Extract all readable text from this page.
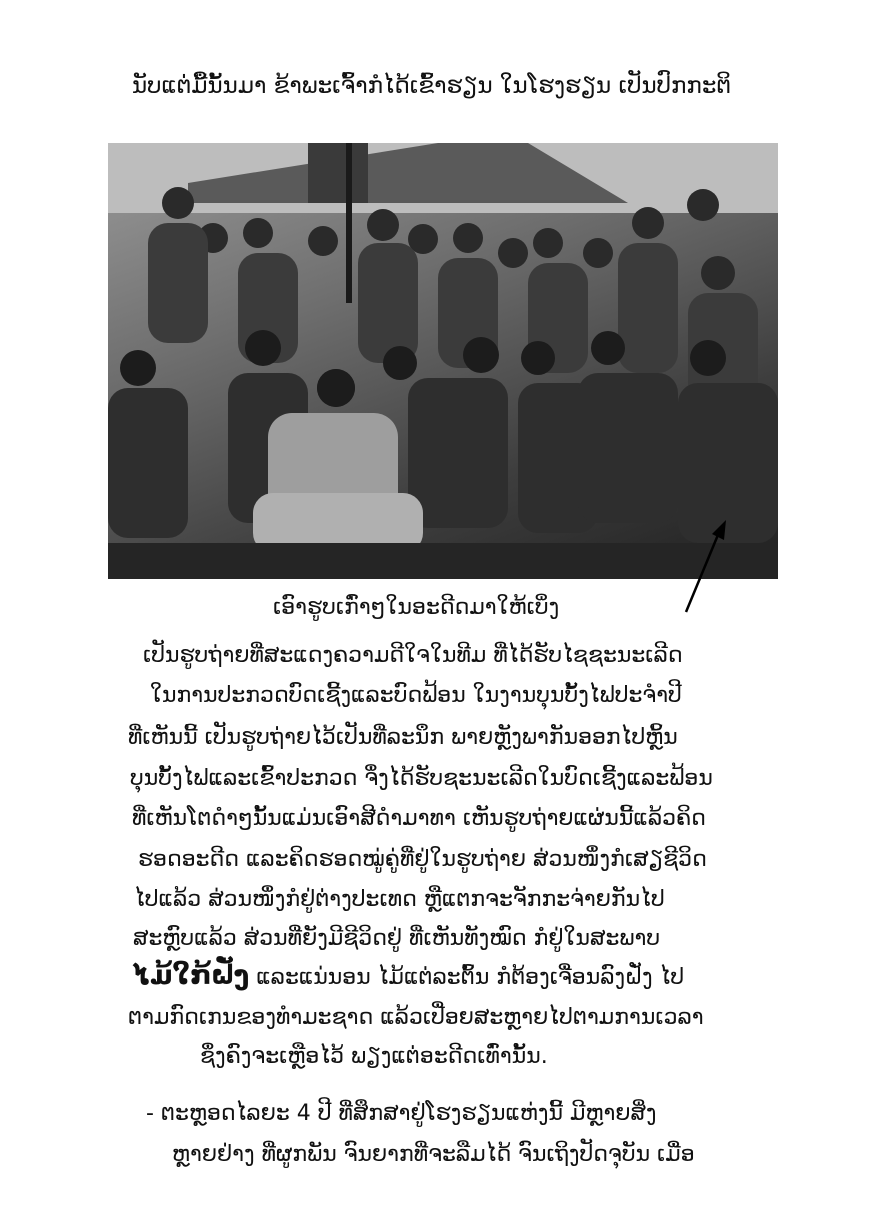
ນັບແຕ່ມື້ນັ້ນມາ ຂ້າພະເຈົ້າກໍໄດ້ເຂົ້າຮຽນ ໃນໂຮງຮຽນ ເປັນປົກກະຕິ
ເອົາຮູບເກົ່າໆໃນອະດີດມາໃຫ້ເບິ່ງ
ເປັນຮູບຖ່າຍທີ່ສະແດງຄວາມດີໃຈໃນທີມ ທີ່ໄດ້ຮັບໄຊຊະນະເລີດ
ໃນການປະກວດບົດເຊີ້ງແລະບົດຟ້ອນ ໃນງານບຸນບັ້ງໄຟປະຈຳປີ
ທີ່ເຫັນນີ້ ເປັນຮູບຖ່າຍໄວ້ເປັນທີ່ລະນຶກ ພາຍຫຼັງພາກັນອອກໄປຫຼິ້ນ
ບຸນບັ້ງໄຟແລະເຂົ້າປະກວດ ຈຶ່ງໄດ້ຮັບຊະນະເລີດໃນບົດເຊີ້ງແລະຟ້ອນ
ທີ່ເຫັນໂຕດຳໆນັ້ນແມ່ນເອົາສີດຳມາທາ ເຫັນຮູບຖ່າຍແຜ່ນນີ້ແລ້ວຄິດ
ຮອດອະດີດ ແລະຄິດຮອດໝູ່ຄູ່ທີ່ຢູ່ໃນຮູບຖ່າຍ ສ່ວນໜຶ່ງກໍເສຽຊີວິດ
ໄປແລ້ວ ສ່ວນໜຶ່ງກໍຢູ່ຕ່າງປະເທດ ຫຼືແຕກຈະຈັກກະຈ່າຍກັນໄປ
ສະຫຼົບແລ້ວ ສ່ວນທີ່ຍັງມີຊີວິດຢູ່ ທີ່ເຫັນທັງໝົດ ກໍຢູ່ໃນສະພາບ
ໄມ້ໃກ້ຝັ່ງ ແລະແນ່ນອນ ໄມ້ແຕ່ລະຕົ້ນ ກໍຕ້ອງເຈື່ອນລົງຝັ່ງ ໄປ
ຕາມກົດເກນຂອງທຳມະຊາດ ແລ້ວເປື່ອຍສະຫຼາຍໄປຕາມການເວລາ
ຊຶ່ງຄົງຈະເຫຼືອໄວ້ ພຽງແຕ່ອະດີດເທົ່ານັ້ນ.
- ຕະຫຼອດໄລຍະ 4 ປີ ທີ່ສຶກສາຢູ່ໂຮງຮຽນແຫ່ງນີ້ ມີຫຼາຍສິ່ງ
ຫຼາຍຢ່າງ ທີ່ຜູກພັນ ຈົນຍາກທີ່ຈະລືມໄດ້ ຈົນເຖິງປັດຈຸບັນ ເມື່ອ
